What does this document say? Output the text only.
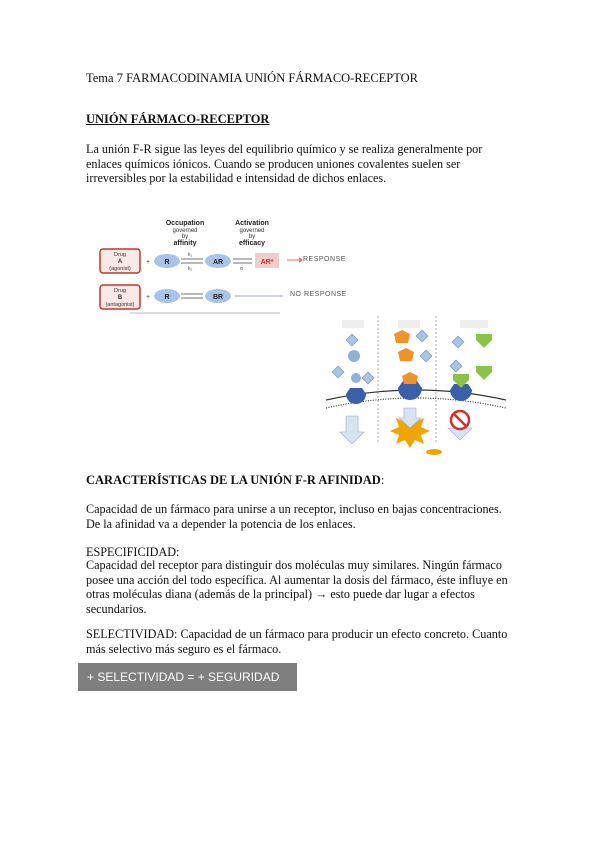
Tema 7 FARMACODINAMIA UNIÓN FÁRMACO-RECEPTOR
UNIÓN FÁRMACO-RECEPTOR
La unión F-R sigue las leyes del equilibrio químico y se realiza generalmente por
enlaces químicos iónicos. Cuando se producen uniones covalentes suelen ser
irreversibles por la estabilidad e intensidad de dichos enlaces.
Occupation
governed
by
affinity
Activation
governed
by
efficacy
Drug
A
(agonist)
+ R
k₁
k₂
AR
α
AR*
Drug
B
(antagonist)
+ R	BR
RESPONSE
NO RESPONSE
CARACTERÍSTICAS DE LA UNIÓN F-R AFINIDAD:
Capacidad de un fármaco para unirse a un receptor, incluso en bajas concentraciones.
De la afinidad va a depender la potencia de los enlaces.
ESPECIFICIDAD:
Capacidad del receptor para distinguir dos moléculas muy similares. Ningún fármaco
posee una acción del todo específica. Al aumentar la dosis del fármaco, éste influye en
otras moléculas diana (además de la principal) → esto puede dar lugar a efectos
secundarios.
SELECTIVIDAD: Capacidad de un fármaco para producir un efecto concreto. Cuanto
más selectivo más seguro es el fármaco.
+ SELECTIVIDAD = + SEGURIDAD
